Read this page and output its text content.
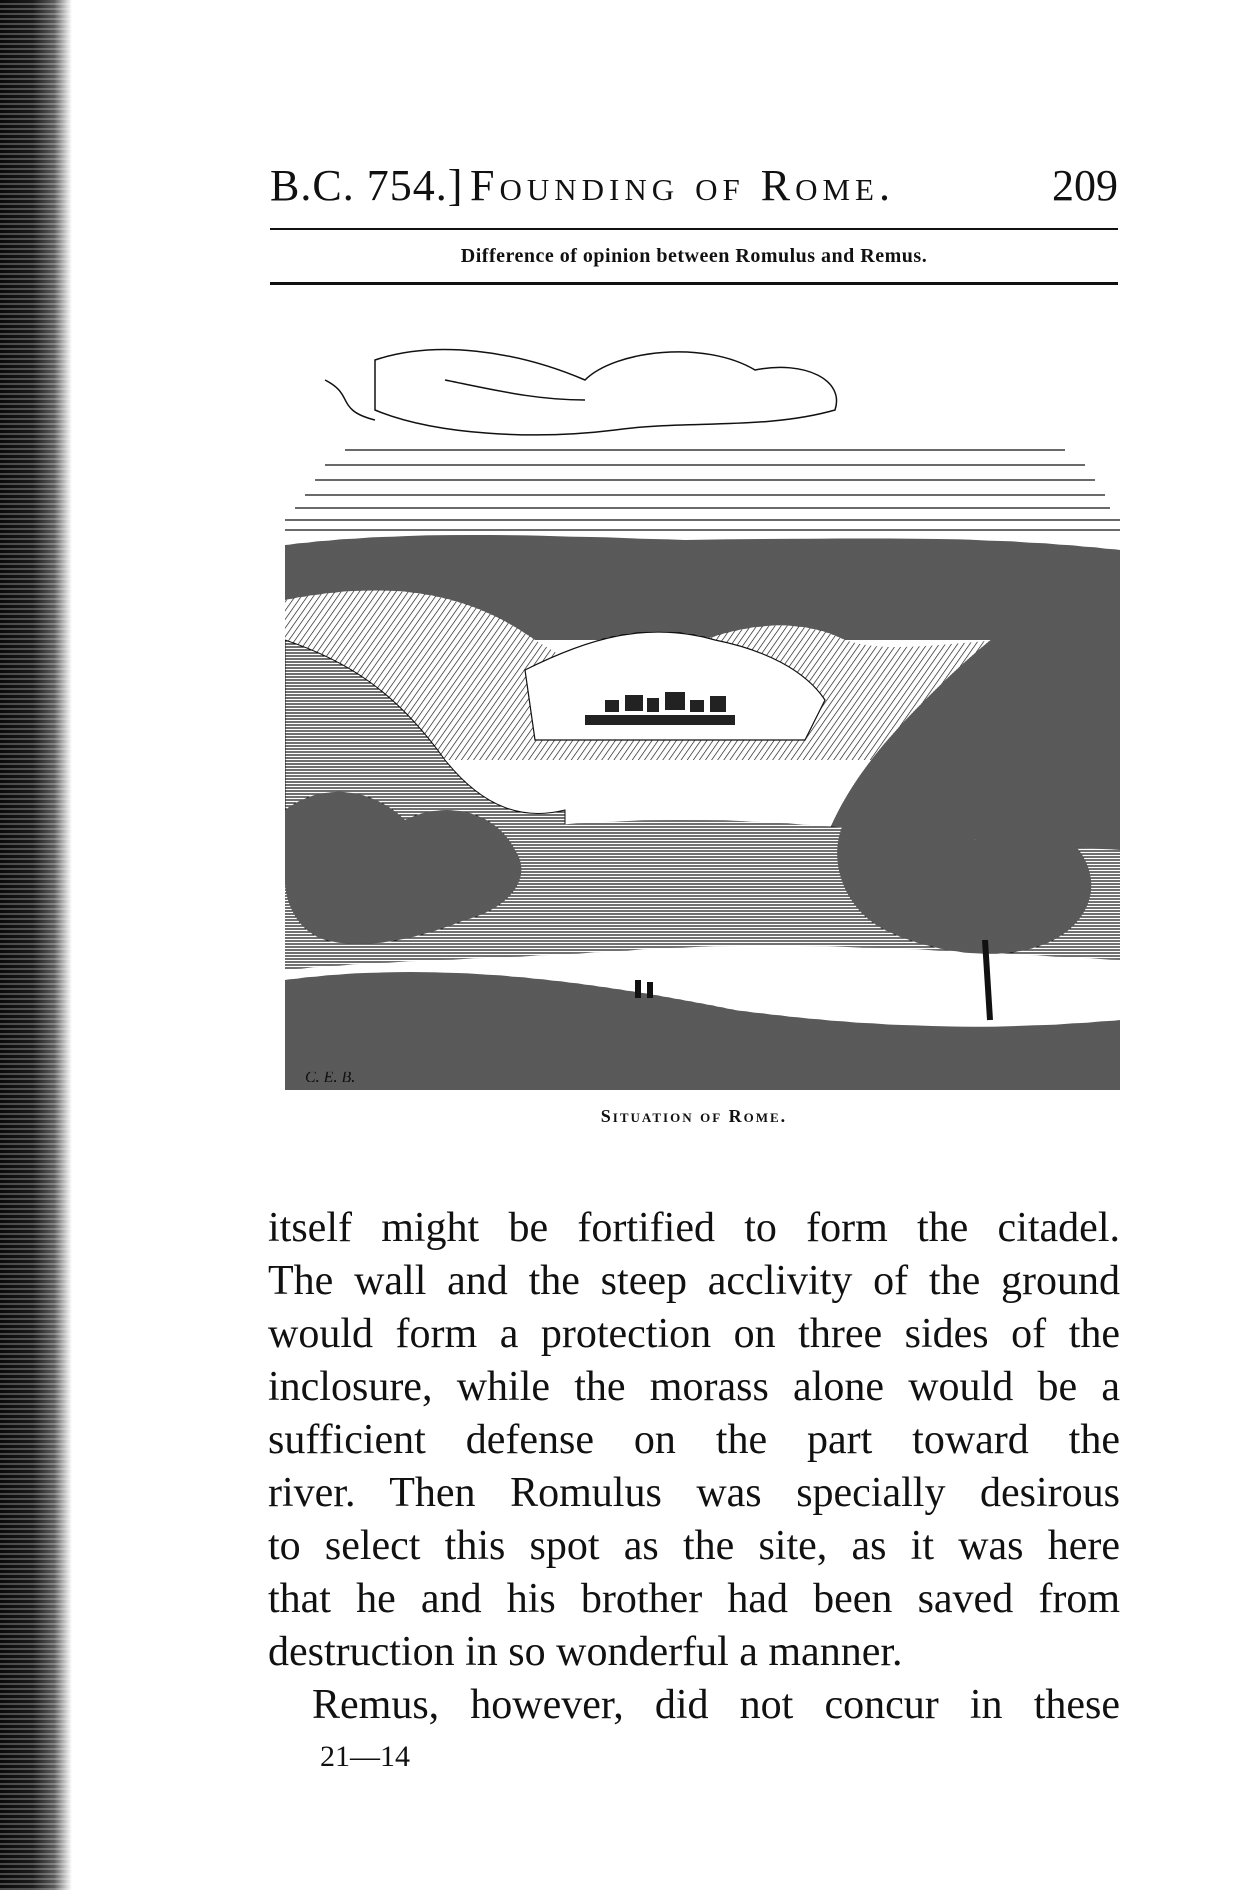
B.C. 754.] Founding of Rome.	209
Difference of opinion between Romulus and Remus.
C. E. B.
Situation of Rome.
itself might be fortified to form the citadel.
The wall and the steep acclivity of the ground
would form a protection on three sides of the
inclosure, while the morass alone would be a
sufficient defense on the part toward the
river. Then Romulus was specially desirous
to select this spot as the site, as it was here
that he and his brother had been saved from
destruction in so wonderful a manner.
Remus, however, did not concur in these
21—14
